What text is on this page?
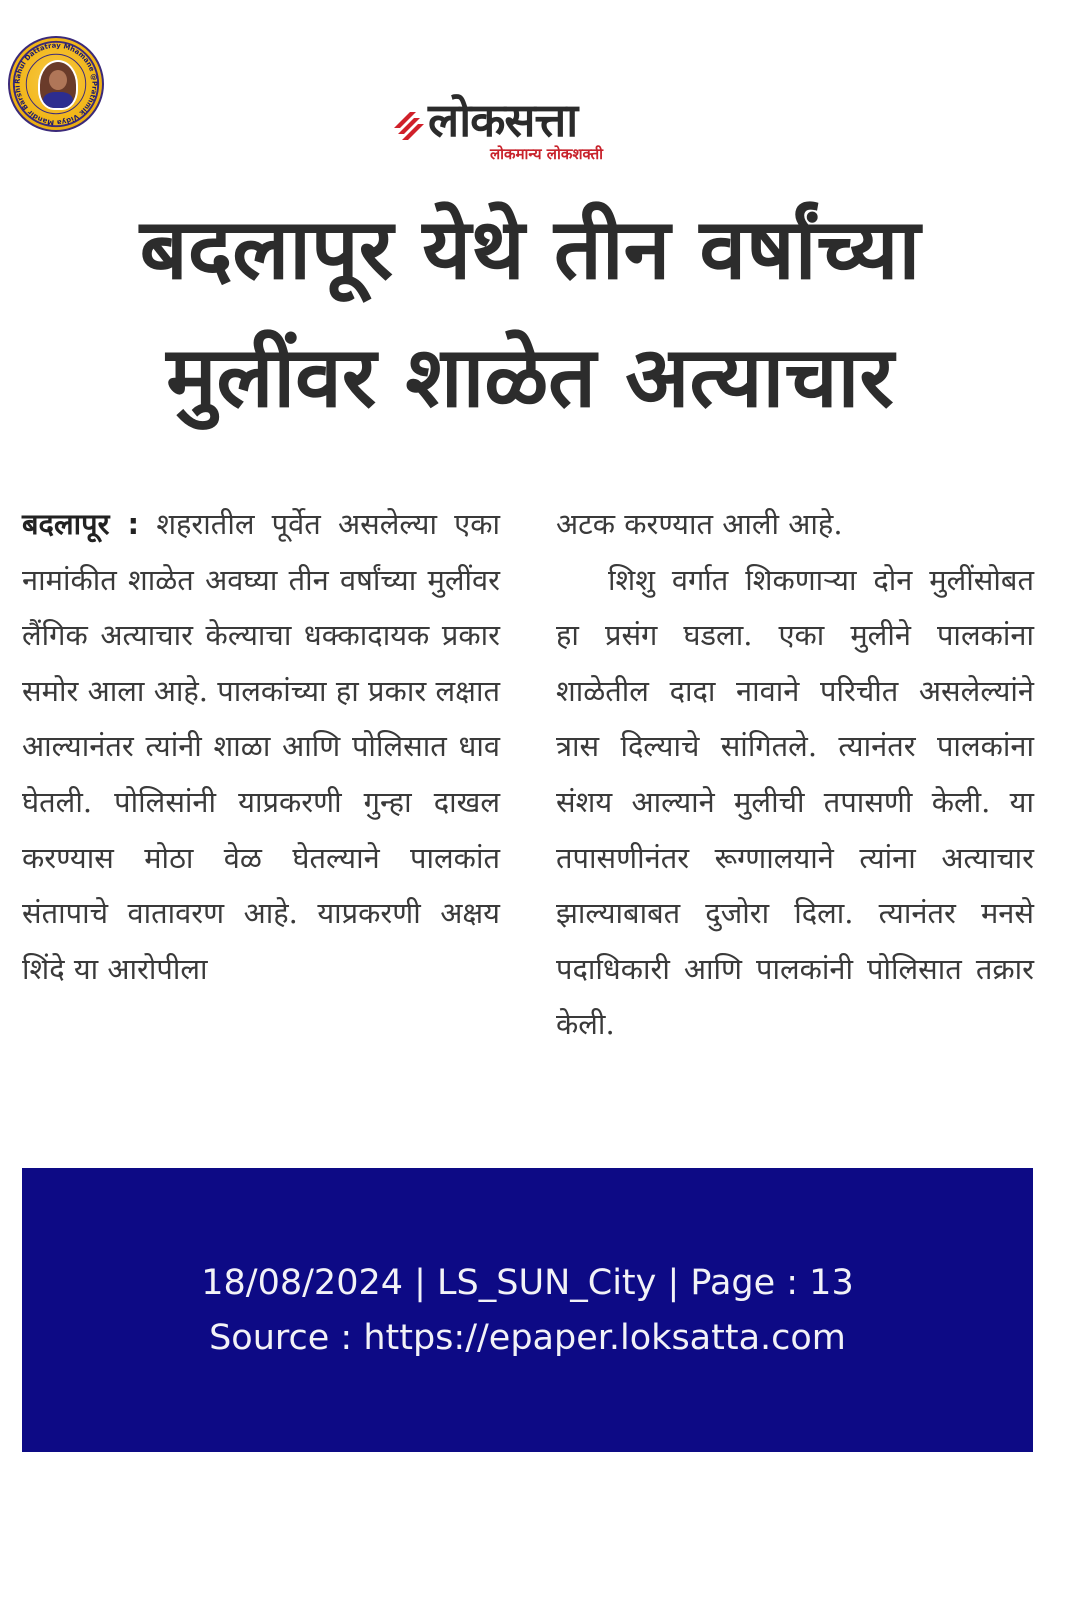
Rahul Dattatray Mhamane @Prathmik Vidya Mandir Barshi
लोकसत्ता
लोकमान्य लोकशक्ती
बदलापूर येथे तीन वर्षांच्या
मुलींवर शाळेत अत्याचार

बदलापूर : शहरातील पूर्वेत असलेल्या एका नामांकीत शाळेत अवघ्या तीन वर्षांच्या मुलींवर लैंगिक अत्याचार केल्याचा धक्कादायक प्रकार समोर आला आहे. पालकांच्या हा प्रकार लक्षात आल्यानंतर त्यांनी शाळा आणि पोलिसात धाव घेतली. पोलिसांनी याप्रकरणी गुन्हा दाखल करण्यास मोठा वेळ घेतल्याने पालकांत संतापाचे वातावरण आहे. याप्रकरणी अक्षय शिंदे या आरोपीला

अटक करण्यात आली आहे.

शिशु वर्गात शिकणाऱ्या दोन मुलींसोबत हा प्रसंग घडला. एका मुलीने पालकांना शाळेतील दादा नावाने परिचीत असलेल्यांने त्रास दिल्याचे सांगितले. त्यानंतर पालकांना संशय आल्याने मुलीची तपासणी केली. या तपासणीनंतर रूग्णालयाने त्यांना अत्याचार झाल्याबाबत दुजोरा दिला. त्यानंतर मनसे पदाधिकारी आणि पालकांनी पोलिसात तक्रार केली.

18/08/2024 | LS_SUN_City | Page : 13
Source : https://epaper.loksatta.com
